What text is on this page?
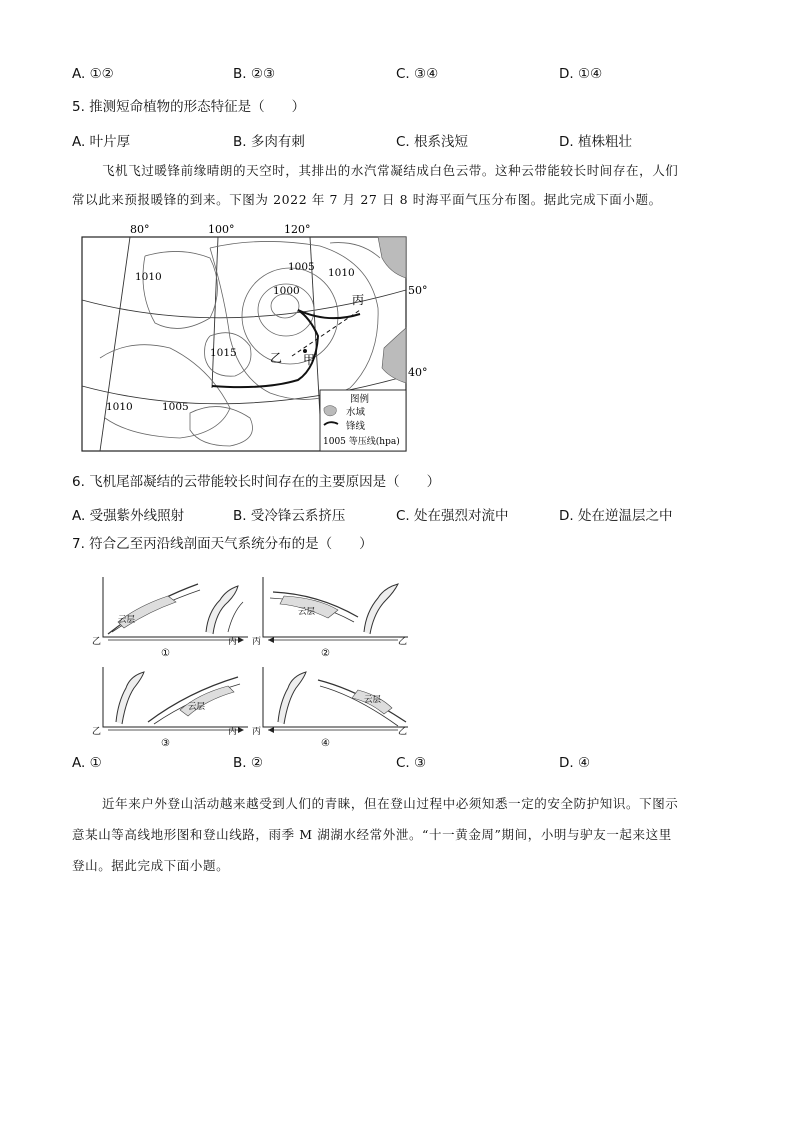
A. ①②	B. ②③	C. ③④	D. ①④
5. 推测短命植物的形态特征是（　　）
A. 叶片厚	B. 多肉有刺	C. 根系浅短	D. 植株粗壮
飞机飞过暖锋前缘晴朗的天空时，其排出的水汽常凝结成白色云带。这种云带能较长时间存在，人们
常以此来预报暖锋的到来。下图为 2022 年 7 月 27 日 8 时海平面气压分布图。据此完成下面小题。
80°	100°	120°
50°
40°
1010
1005 1010
1000
1015
1010	1005
丙
乙 甲
图例
水域
锋线
1005 等压线(hpa)
6. 飞机尾部凝结的云带能较长时间存在的主要原因是（　　）
A. 受强紫外线照射	B. 受冷锋云系挤压	C. 处在强烈对流中	D. 处在逆温层之中
7. 符合乙至丙沿线剖面天气系统分布的是（　　）
云层
乙	丙
①
云层
丙	乙
②
云层
乙	丙
③
云层
丙	乙
④
A. ①	B. ②	C. ③	D. ④
近年来户外登山活动越来越受到人们的青睐，但在登山过程中必须知悉一定的安全防护知识。下图示
意某山等高线地形图和登山线路，雨季 M 湖湖水经常外泄。“十一黄金周”期间，小明与驴友一起来这里
登山。据此完成下面小题。
